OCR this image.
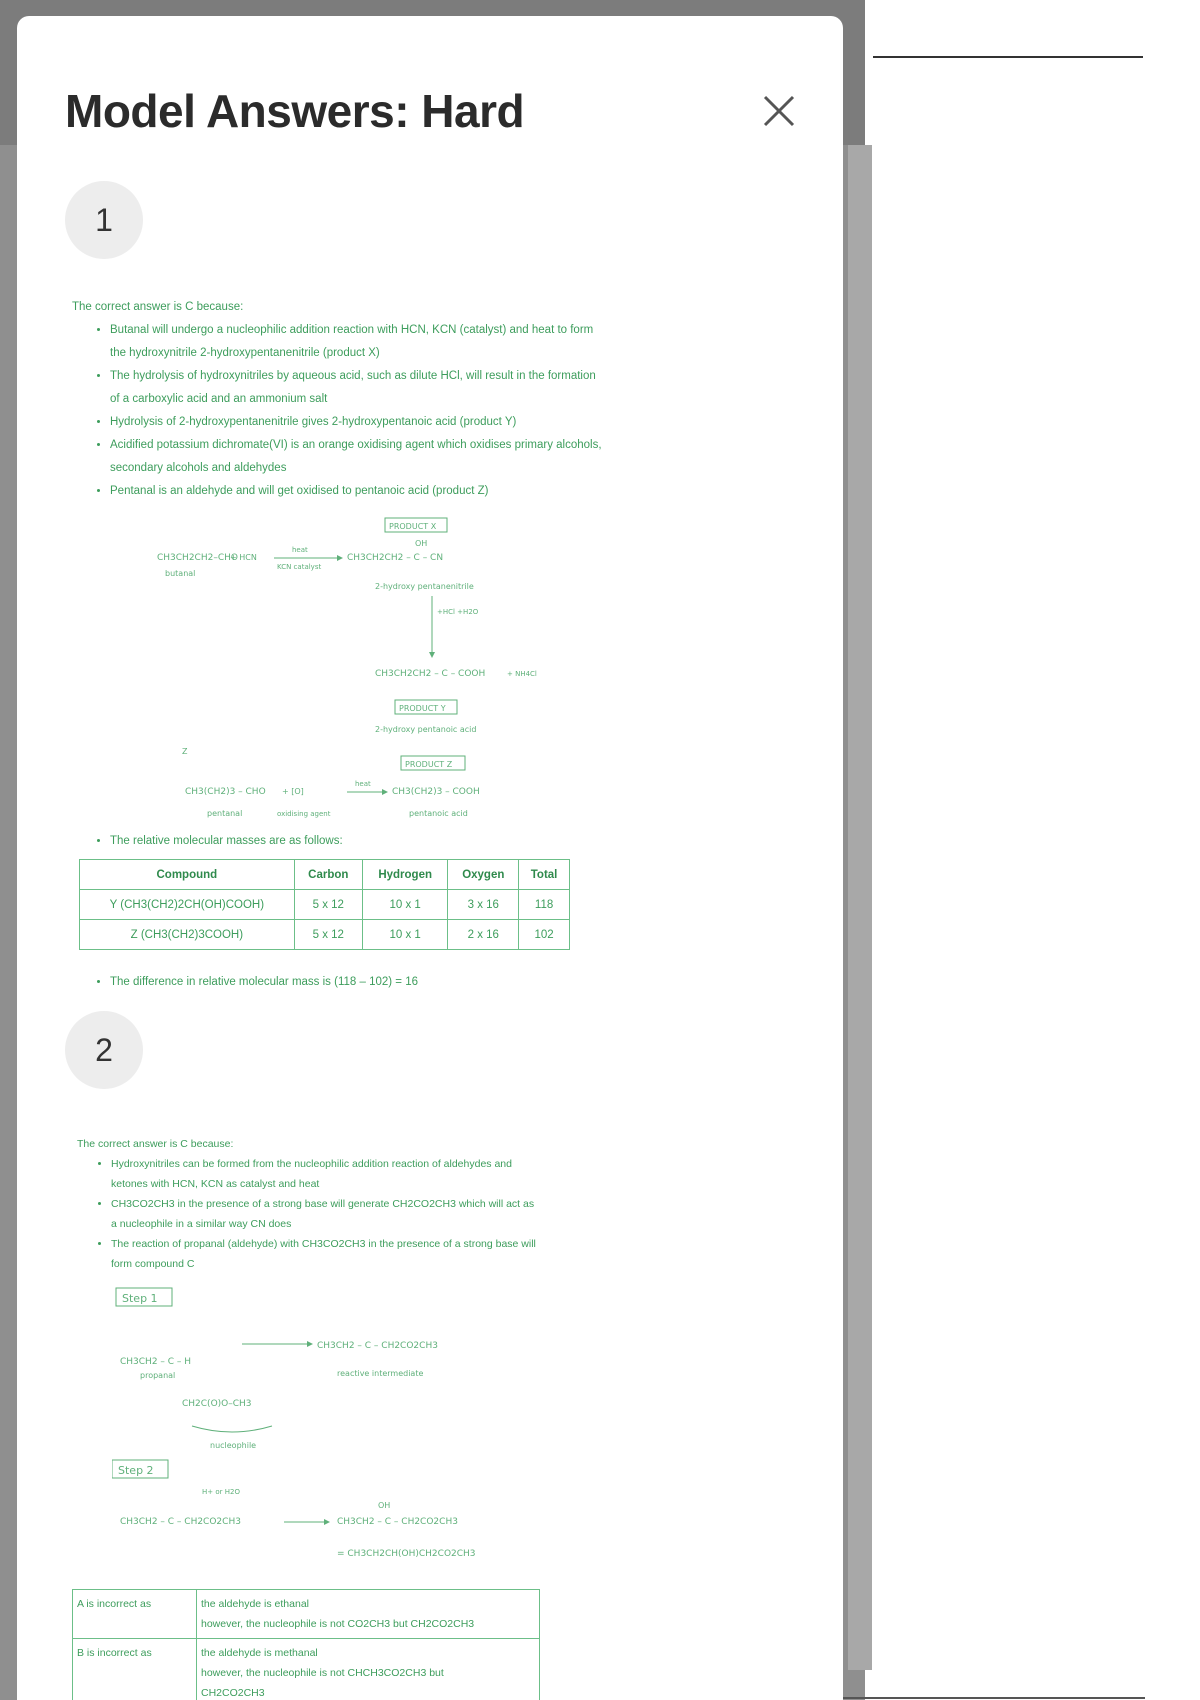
Model Answers: Hard
1

The correct answer is C because:

• Butanal will undergo a nucleophilic addition reaction with HCN, KCN (catalyst) and heat to form the hydroxynitrile 2-hydroxypentanenitrile (product X)
• The hydrolysis of hydroxynitriles by aqueous acid, such as dilute HCl, will result in the formation of a carboxylic acid and an ammonium salt
• Hydrolysis of 2-hydroxypentanenitrile gives 2-hydroxypentanoic acid (product Y)
• Acidified potassium dichromate(VI) is an orange oxidising agent which oxidises primary alcohols, secondary alcohols and aldehydes
• Pentanal is an aldehyde and will get oxidised to pentanoic acid (product Z)
CH3CH2CH2–CHO
butanal
+ HCN
heat
KCN catalyst
PRODUCT X
OH
CH3CH2CH2 – C – CN
2-hydroxy pentanenitrile
+HCl +H2O
CH3CH2CH2 – C – COOH	+ NH4Cl
PRODUCT Y
2-hydroxy pentanoic acid
Z
PRODUCT Z
CH3(CH2)3 – CHO
pentanal
+ [O]
oxidising agent
heat
CH3(CH2)3 – COOH
pentanoic acid
• The relative molecular masses are as follows:
Compound	Carbon	Hydrogen	Oxygen	Total
Y (CH3(CH2)2CH(OH)COOH)	5 x 12	10 x 1	3 x 16	118
Z (CH3(CH2)3COOH)	5 x 12	10 x 1	2 x 16	102
• The difference in relative molecular mass is (118 – 102) = 16
2

The correct answer is C because:

• Hydroxynitriles can be formed from the nucleophilic addition reaction of aldehydes and ketones with HCN, KCN as catalyst and heat
• CH3CO2CH3 in the presence of a strong base will generate CH2CO2CH3 which will act as a nucleophile in a similar way CN does
• The reaction of propanal (aldehyde) with CH3CO2CH3 in the presence of a strong base will form compound C
Step 1
CH3CH2 – C – H
propanal
CH2C(O)O–CH3
nucleophile
CH3CH2 – C – CH2CO2CH3
reactive intermediate
Step 2
H+ or H2O
CH3CH2 – C – CH2CO2CH3
OH
CH3CH2 – C – CH2CO2CH3
= CH3CH2CH(OH)CH2CO2CH3
A is incorrect as	the aldehyde is ethanal
however, the nucleophile is not CO2CH3 but CH2CO2CH3

B is incorrect as	the aldehyde is methanal
however, the nucleophile is not CHCH3CO2CH3 but
CH2CO2CH3
